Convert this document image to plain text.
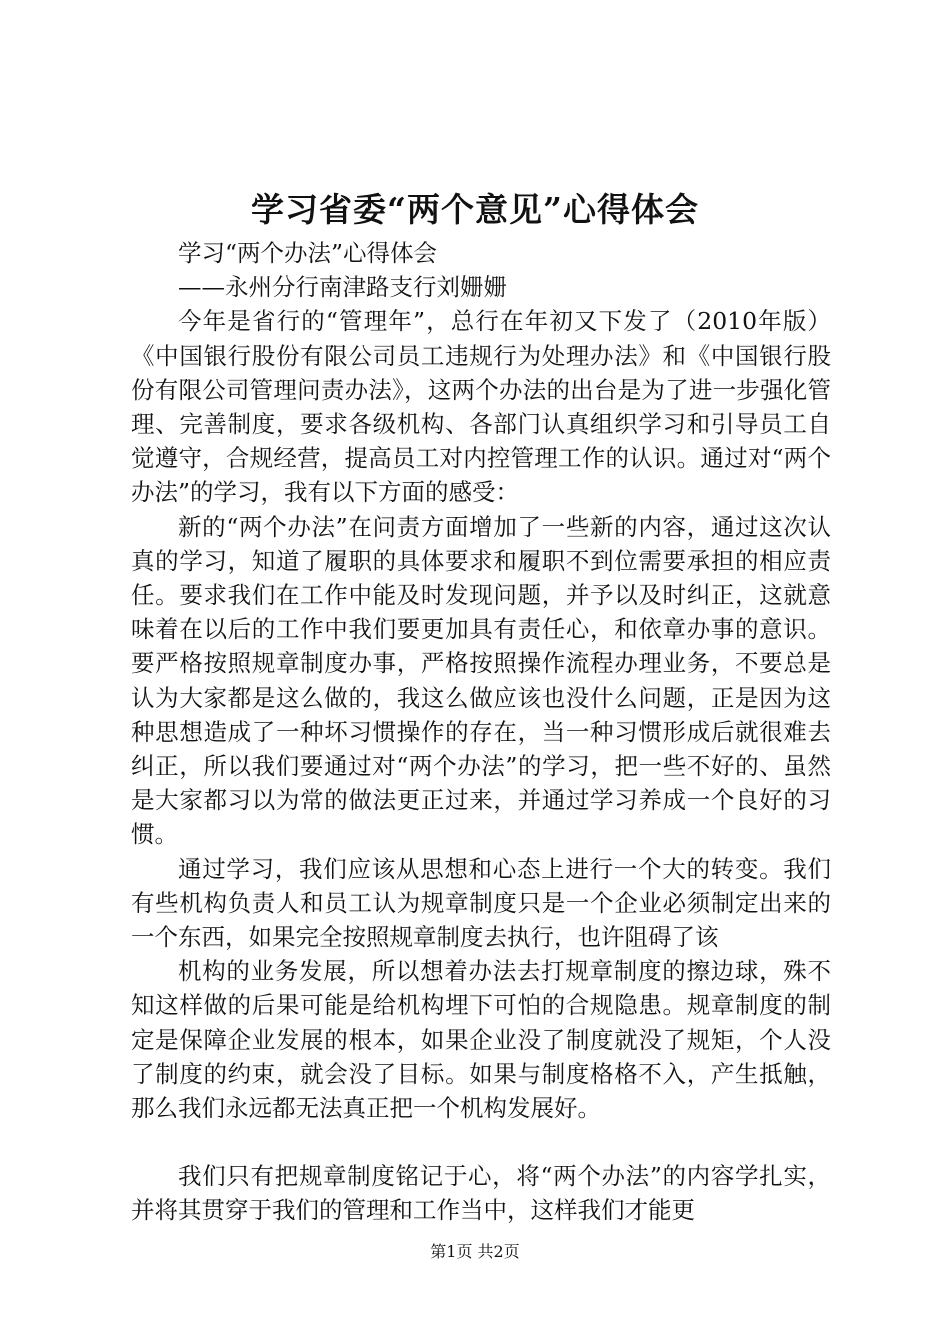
学习省委“两个意见”心得体会

学习“两个办法”心得体会

——永州分行南津路支行刘姗姗

今年是省行的“管理年”，总行在年初又下发了（2010年版）《中国银行股份有限公司员工违规行为处理办法》和《中国银行股份有限公司管理问责办法》，这两个办法的出台是为了进一步强化管理、完善制度，要求各级机构、各部门认真组织学习和引导员工自觉遵守，合规经营，提高员工对内控管理工作的认识。通过对“两个办法”的学习，我有以下方面的感受：

新的“两个办法”在问责方面增加了一些新的内容，通过这次认真的学习，知道了履职的具体要求和履职不到位需要承担的相应责任。要求我们在工作中能及时发现问题，并予以及时纠正，这就意味着在以后的工作中我们要更加具有责任心，和依章办事的意识。要严格按照规章制度办事，严格按照操作流程办理业务，不要总是认为大家都是这么做的，我这么做应该也没什么问题，正是因为这种思想造成了一种坏习惯操作的存在，当一种习惯形成后就很难去纠正，所以我们要通过对“两个办法”的学习，把一些不好的、虽然是大家都习以为常的做法更正过来，并通过学习养成一个良好的习惯。

通过学习，我们应该从思想和心态上进行一个大的转变。我们有些机构负责人和员工认为规章制度只是一个企业必须制定出来的一个东西，如果完全按照规章制度去执行，也许阻碍了该

机构的业务发展，所以想着办法去打规章制度的擦边球，殊不知这样做的后果可能是给机构埋下可怕的合规隐患。规章制度的制定是保障企业发展的根本，如果企业没了制度就没了规矩，个人没了制度的约束，就会没了目标。如果与制度格格不入，产生抵触，那么我们永远都无法真正把一个机构发展好。

我们只有把规章制度铭记于心，将“两个办法”的内容学扎实，并将其贯穿于我们的管理和工作当中，这样我们才能更

第1页 共2页
